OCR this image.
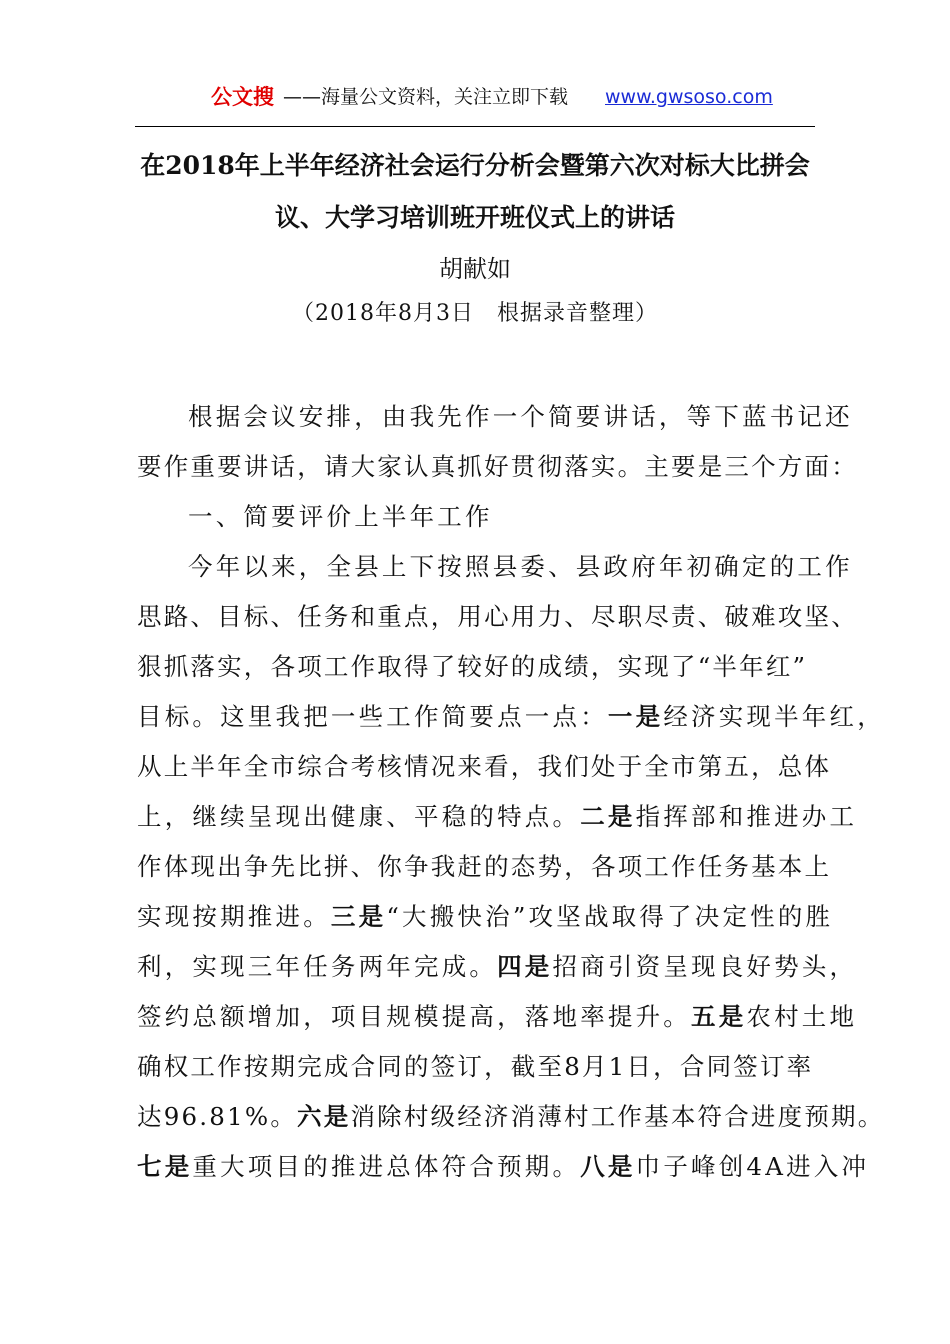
公文搜 ——海量公文资料，关注立即下载 www.gwsoso.com
在2018年上半年经济社会运行分析会暨第六次对标大比拼会
议、大学习培训班开班仪式上的讲话
胡献如
（2018年8月3日　根据录音整理）
根据会议安排，由我先作一个简要讲话，等下蓝书记还
要作重要讲话，请大家认真抓好贯彻落实。主要是三个方面：
一、简要评价上半年工作
今年以来，全县上下按照县委、县政府年初确定的工作
思路、目标、任务和重点，用心用力、尽职尽责、破难攻坚、
狠抓落实，各项工作取得了较好的成绩，实现了“半年红”
目标。这里我把一些工作简要点一点：一是经济实现半年红，
从上半年全市综合考核情况来看，我们处于全市第五，总体
上，继续呈现出健康、平稳的特点。二是指挥部和推进办工
作体现出争先比拼、你争我赶的态势，各项工作任务基本上
实现按期推进。三是“大搬快治”攻坚战取得了决定性的胜
利，实现三年任务两年完成。四是招商引资呈现良好势头，
签约总额增加，项目规模提高，落地率提升。五是农村土地
确权工作按期完成合同的签订，截至8月1日，合同签订率
达96.81%。六是消除村级经济消薄村工作基本符合进度预期。
七是重大项目的推进总体符合预期。八是巾子峰创4A进入冲
